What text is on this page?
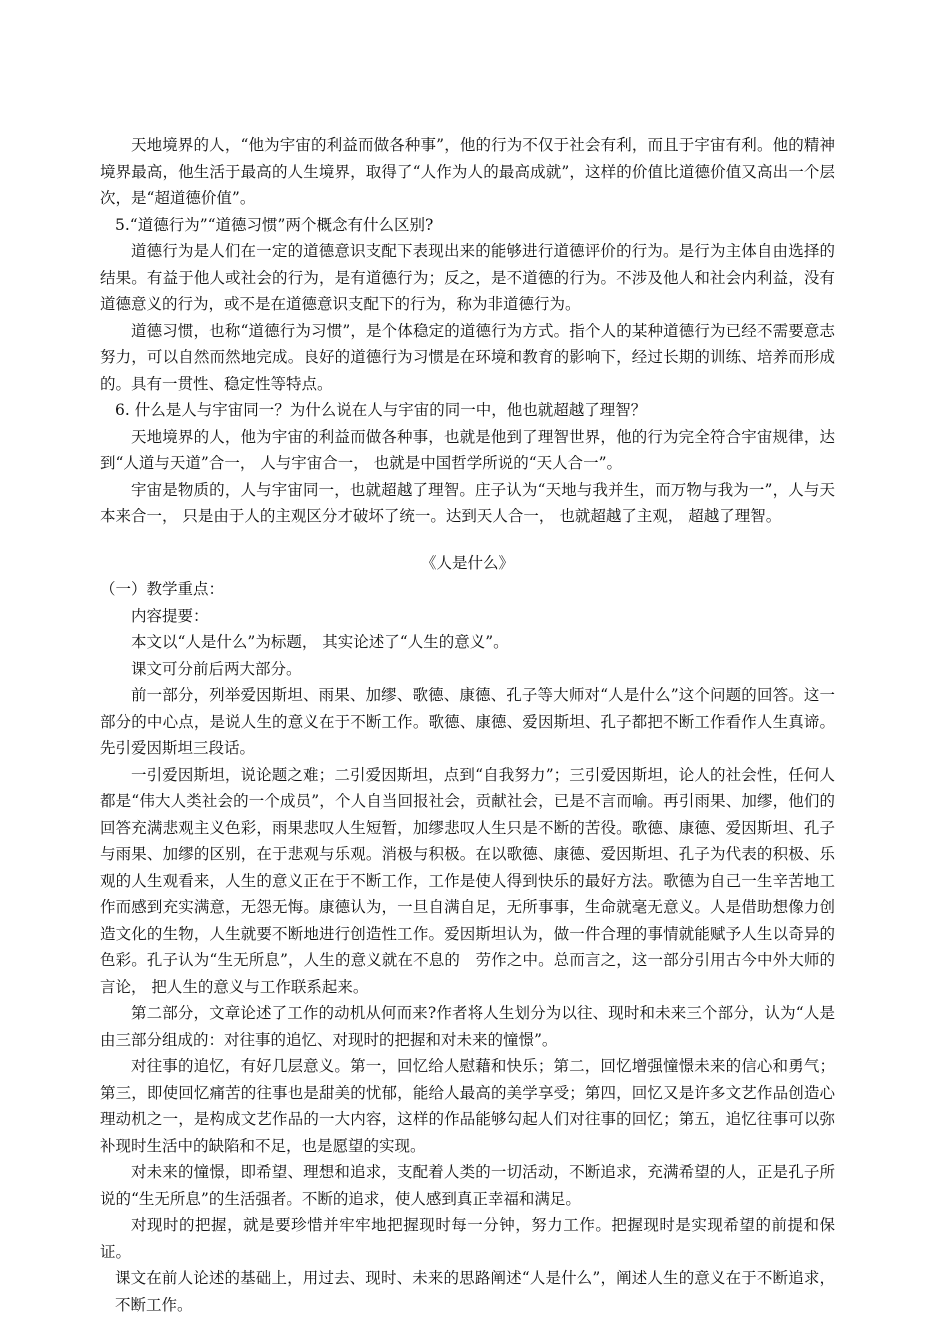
天地境界的人，“他为宇宙的利益而做各种事”，他的行为不仅于社会有利，而且于宇宙有利。他的精神境界最高，他生活于最高的人生境界，取得了“人作为人的最高成就”，这样的价值比道德价值又高出一个层次，是“超道德价值”。

5.“道德行为”“道德习惯”两个概念有什么区别?

道德行为是人们在一定的道德意识支配下表现出来的能够进行道德评价的行为。是行为主体自由选择的结果。有益于他人或社会的行为，是有道德行为；反之，是不道德的行为。不涉及他人和社会内利益，没有道德意义的行为，或不是在道德意识支配下的行为，称为非道德行为。

道德习惯，也称“道德行为习惯”，是个体稳定的道德行为方式。指个人的某种道德行为已经不需要意志努力，可以自然而然地完成。良好的道德行为习惯是在环境和教育的影响下，经过长期的训练、培养而形成的。具有一贯性、稳定性等特点。

6. 什么是人与宇宙同一？为什么说在人与宇宙的同一中，他也就超越了理智？

天地境界的人，他为宇宙的利益而做各种事，也就是他到了理智世界，他的行为完全符合宇宙规律，达到“人道与天道”合一， 人与宇宙合一， 也就是中国哲学所说的“天人合一”。

宇宙是物质的，人与宇宙同一，也就超越了理智。庄子认为“天地与我并生，而万物与我为一”，人与天本来合一， 只是由于人的主观区分才破坏了统一。达到天人合一， 也就超越了主观， 超越了理智。

《人是什么》

（一）教学重点：

内容提要：

本文以“人是什么”为标题， 其实论述了“人生的意义”。

课文可分前后两大部分。

前一部分，列举爱因斯坦、雨果、加缪、歌德、康德、孔子等大师对“人是什么”这个问题的回答。这一部分的中心点，是说人生的意义在于不断工作。歌德、康德、爱因斯坦、孔子都把不断工作看作人生真谛。先引爱因斯坦三段话。

一引爱因斯坦，说论题之难；二引爱因斯坦，点到“自我努力”；三引爱因斯坦，论人的社会性，任何人都是“伟大人类社会的一个成员”，个人自当回报社会，贡献社会，已是不言而喻。再引雨果、加缪，他们的回答充满悲观主义色彩，雨果悲叹人生短暂，加缪悲叹人生只是不断的苦役。歌德、康德、爱因斯坦、孔子与雨果、加缪的区别，在于悲观与乐观。消极与积极。在以歌德、康德、爱因斯坦、孔子为代表的积极、乐观的人生观看来，人生的意义正在于不断工作，工作是使人得到快乐的最好方法。歌德为自己一生辛苦地工作而感到充实满意，无怨无悔。康德认为，一旦自满自足，无所事事，生命就毫无意义。人是借助想像力创造文化的生物，人生就要不断地进行创造性工作。爱因斯坦认为，做一件合理的事情就能赋予人生以奇异的色彩。孔子认为“生无所息”，人生的意义就在不息的　劳作之中。总而言之，这一部分引用古今中外大师的言论， 把人生的意义与工作联系起来。

第二部分，文章论述了工作的动机从何而来?作者将人生划分为以往、现时和未来三个部分，认为“人是由三部分组成的：对往事的追忆、对现时的把握和对未来的憧憬”。

对往事的追忆，有好几层意义。第一，回忆给人慰藉和快乐；第二，回忆增强憧憬未来的信心和勇气；第三，即使回忆痛苦的往事也是甜美的忧郁，能给人最高的美学享受；第四，回忆又是许多文艺作品创造心理动机之一，是构成文艺作品的一大内容，这样的作品能够勾起人们对往事的回忆；第五，追忆往事可以弥补现时生活中的缺陷和不足，也是愿望的实现。

对未来的憧憬，即希望、理想和追求，支配着人类的一切活动，不断追求，充满希望的人，正是孔子所说的“生无所息”的生活强者。不断的追求，使人感到真正幸福和满足。

对现时的把握，就是要珍惜并牢牢地把握现时每一分钟，努力工作。把握现时是实现希望的前提和保证。

课文在前人论述的基础上，用过去、现时、未来的思路阐述“人是什么”，阐述人生的意义在于不断追求，不断工作。
